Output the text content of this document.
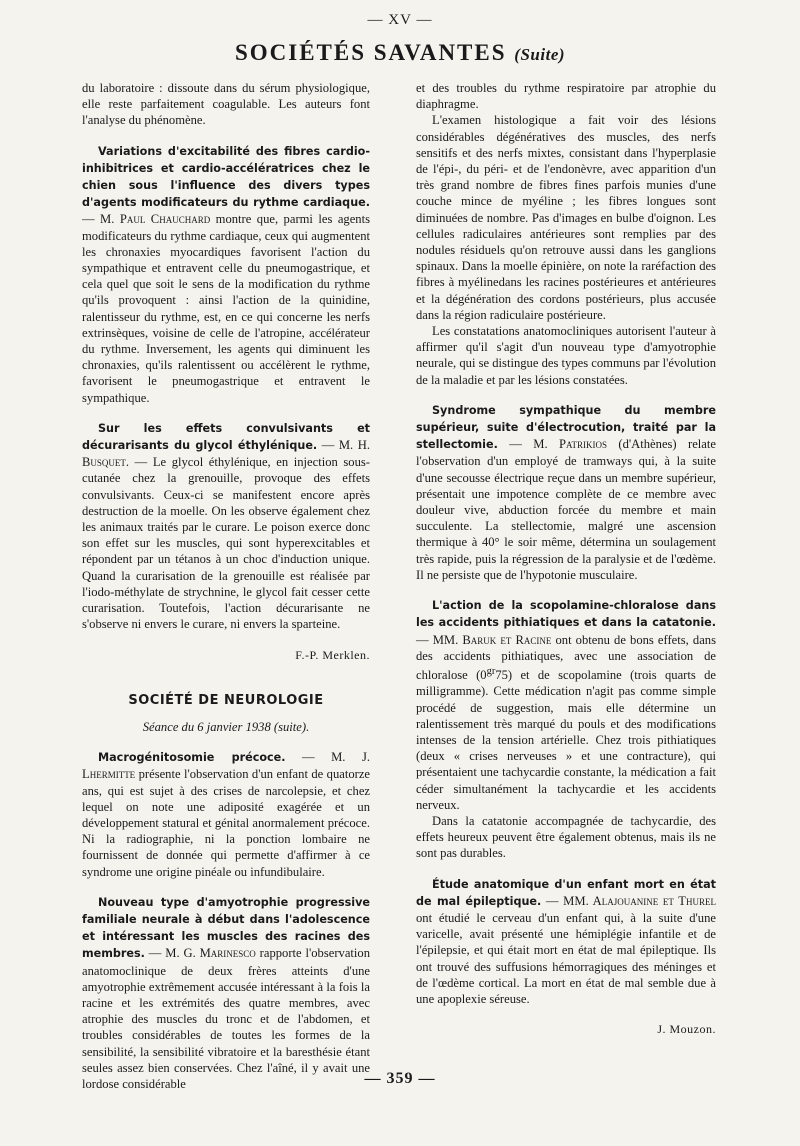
— XV —
SOCIÉTÉS SAVANTES (Suite)

du laboratoire : dissoute dans du sérum physiologique, elle reste parfaitement coagulable. Les auteurs font l'analyse du phénomène.

Variations d'excitabilité des fibres cardio-inhibitrices et cardio-accélératrices chez le chien sous l'influence des divers types d'agents modificateurs du rythme cardiaque. — M. Paul Chauchard montre que, parmi les agents modificateurs du rythme cardiaque, ceux qui augmentent les chronaxies myocardiques favorisent l'action du sympathique et entravent celle du pneumogastrique, et cela quel que soit le sens de la modification du rythme qu'ils provoquent : ainsi l'action de la quinidine, ralentisseur du rythme, est, en ce qui concerne les nerfs extrinsèques, voisine de celle de l'atropine, accélérateur du rythme. Inversement, les agents qui diminuent les chronaxies, qu'ils ralentissent ou accélèrent le rythme, favorisent le pneumogastrique et entravent le sympathique.

Sur les effets convulsivants et décurarisants du glycol éthylénique. — M. H. Busquet. — Le glycol éthylénique, en injection sous-cutanée chez la grenouille, provoque des effets convulsivants. Ceux-ci se manifestent encore après destruction de la moelle. On les observe également chez les animaux traités par le curare. Le poison exerce donc son effet sur les muscles, qui sont hyperexcitables et répondent par un tétanos à un choc d'induction unique. Quand la curarisation de la grenouille est réalisée par l'iodo-méthylate de strychnine, le glycol fait cesser cette curarisation. Toutefois, l'action décurarisante ne s'observe ni envers le curare, ni envers la sparteine.

F.-P. Merklen.
SOCIÉTÉ DE NEUROLOGIE
Séance du 6 janvier 1938 (suite).

Macrogénitosomie précoce. — M. J. Lhermitte présente l'observation d'un enfant de quatorze ans, qui est sujet à des crises de narcolepsie, et chez lequel on note une adiposité exagérée et un développement statural et génital anormalement précoce. Ni la radiographie, ni la ponction lombaire ne fournissent de donnée qui permette d'affirmer à ce syndrome une origine pinéale ou infundibulaire.

Nouveau type d'amyotrophie progressive familiale neurale à début dans l'adolescence et intéressant les muscles des racines des membres. — M. G. Marinesco rapporte l'observation anatomoclinique de deux frères atteints d'une amyotrophie extrêmement accusée intéressant à la fois la racine et les extrémités des quatre membres, avec atrophie des muscles du tronc et de l'abdomen, et troubles considérables de toutes les formes de la sensibilité, la sensibilité vibratoire et la baresthésie étant seules assez bien conservées. Chez l'aîné, il y avait une lordose considérable

et des troubles du rythme respiratoire par atrophie du diaphragme.

L'examen histologique a fait voir des lésions considérables dégénératives des muscles, des nerfs sensitifs et des nerfs mixtes, consistant dans l'hyperplasie de l'épi-, du péri- et de l'endonèvre, avec apparition d'un très grand nombre de fibres fines parfois munies d'une couche mince de myéline ; les fibres longues sont diminuées de nombre. Pas d'images en bulbe d'oignon. Les cellules radiculaires antérieures sont remplies par des nodules résiduels qu'on retrouve aussi dans les ganglions spinaux. Dans la moelle épinière, on note la raréfaction des fibres à myélinedans les racines postérieures et antérieures et la dégénération des cordons postérieurs, plus accusée dans la région radiculaire postérieure.

Les constatations anatomocliniques autorisent l'auteur à affirmer qu'il s'agit d'un nouveau type d'amyotrophie neurale, qui se distingue des types communs par l'évolution de la maladie et par les lésions constatées.

Syndrome sympathique du membre supérieur, suite d'électrocution, traité par la stellectomie. — M. Patrikios (d'Athènes) relate l'observation d'un employé de tramways qui, à la suite d'une secousse électrique reçue dans un membre supérieur, présentait une impotence complète de ce membre avec douleur vive, abduction forcée du membre et main succulente. La stellectomie, malgré une ascension thermique à 40° le soir même, détermina un soulagement très rapide, puis la régression de la paralysie et de l'œdème. Il ne persiste que de l'hypotonie musculaire.

L'action de la scopolamine-chloralose dans les accidents pithiatiques et dans la catatonie. — MM. Baruk et Racine ont obtenu de bons effets, dans des accidents pithiatiques, avec une association de chloralose $(0^{gr}75)$ et de scopolamine (trois quarts de milligramme). Cette médication n'agit pas comme simple procédé de suggestion, mais elle détermine un ralentissement très marqué du pouls et des modifications intenses de la tension artérielle. Chez trois pithiatiques (deux « crises nerveuses » et une contracture), qui présentaient une tachycardie constante, la médication a fait céder simultanément la tachycardie et les accidents nerveux.

Dans la catatonie accompagnée de tachycardie, des effets heureux peuvent être également obtenus, mais ils ne sont pas durables.

Étude anatomique d'un enfant mort en état de mal épileptique. — MM. Alajouanine et Thurel ont étudié le cerveau d'un enfant qui, à la suite d'une varicelle, avait présenté une hémiplégie infantile et de l'épilepsie, et qui était mort en état de mal épileptique. Ils ont trouvé des suffusions hémorragiques des méninges et de l'œdème cortical. La mort en état de mal semble due à une apoplexie séreuse.

J. Mouzon.
— 359 —
